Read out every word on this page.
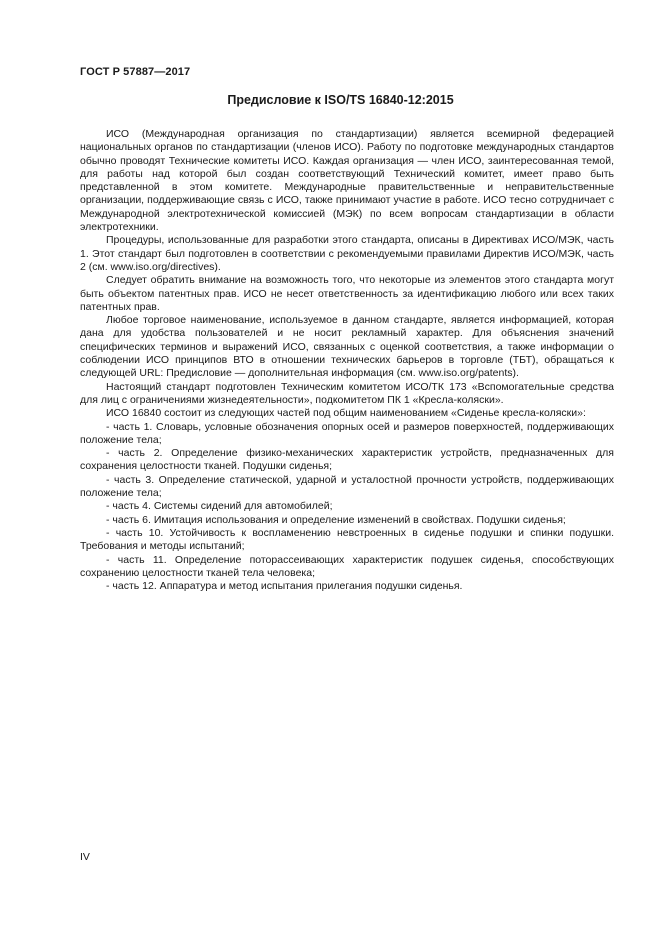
ГОСТ Р 57887—2017
Предисловие к ISO/TS 16840-12:2015

ИСО (Международная организация по стандартизации) является всемирной федерацией национальных органов по стандартизации (членов ИСО). Работу по подготовке международных стандартов обычно проводят Технические комитеты ИСО. Каждая организация — член ИСО, заинтересованная темой, для работы над которой был создан соответствующий Технический комитет, имеет право быть представленной в этом комитете. Международные правительственные и неправительственные организации, поддерживающие связь с ИСО, также принимают участие в работе. ИСО тесно сотрудничает с Международной электротехнической комиссией (МЭК) по всем вопросам стандартизации в области электротехники.

Процедуры, использованные для разработки этого стандарта, описаны в Директивах ИСО/МЭК, часть 1. Этот стандарт был подготовлен в соответствии с рекомендуемыми правилами Директив ИСО/МЭК, часть 2 (см. www.iso.org/directives).

Следует обратить внимание на возможность того, что некоторые из элементов этого стандарта могут быть объектом патентных прав. ИСО не несет ответственность за идентификацию любого или всех таких патентных прав.

Любое торговое наименование, используемое в данном стандарте, является информацией, которая дана для удобства пользователей и не носит рекламный характер. Для объяснения значений специфических терминов и выражений ИСО, связанных с оценкой соответствия, а также информации о соблюдении ИСО принципов ВТО в отношении технических барьеров в торговле (ТБТ), обращаться к следующей URL: Предисловие — дополнительная информация (см. www.iso.org/patents).

Настоящий стандарт подготовлен Техническим комитетом ИСО/ТК 173 «Вспомогательные средства для лиц с ограничениями жизнедеятельности», подкомитетом ПК 1 «Кресла-коляски».

ИСО 16840 состоит из следующих частей под общим наименованием «Сиденье кресла-коляски»:

- часть 1. Словарь, условные обозначения опорных осей и размеров поверхностей, поддерживающих положение тела;

- часть 2. Определение физико-механических характеристик устройств, предназначенных для сохранения целостности тканей. Подушки сиденья;

- часть 3. Определение статической, ударной и усталостной прочности устройств, поддерживающих положение тела;

- часть 4. Системы сидений для автомобилей;

- часть 6. Имитация использования и определение изменений в свойствах. Подушки сиденья;

- часть 10. Устойчивость к воспламенению невстроенных в сиденье подушки и спинки подушки. Требования и методы испытаний;

- часть 11. Определение поторассеивающих характеристик подушек сиденья, способствующих сохранению целостности тканей тела человека;

- часть 12. Аппаратура и метод испытания прилегания подушки сиденья.

IV
